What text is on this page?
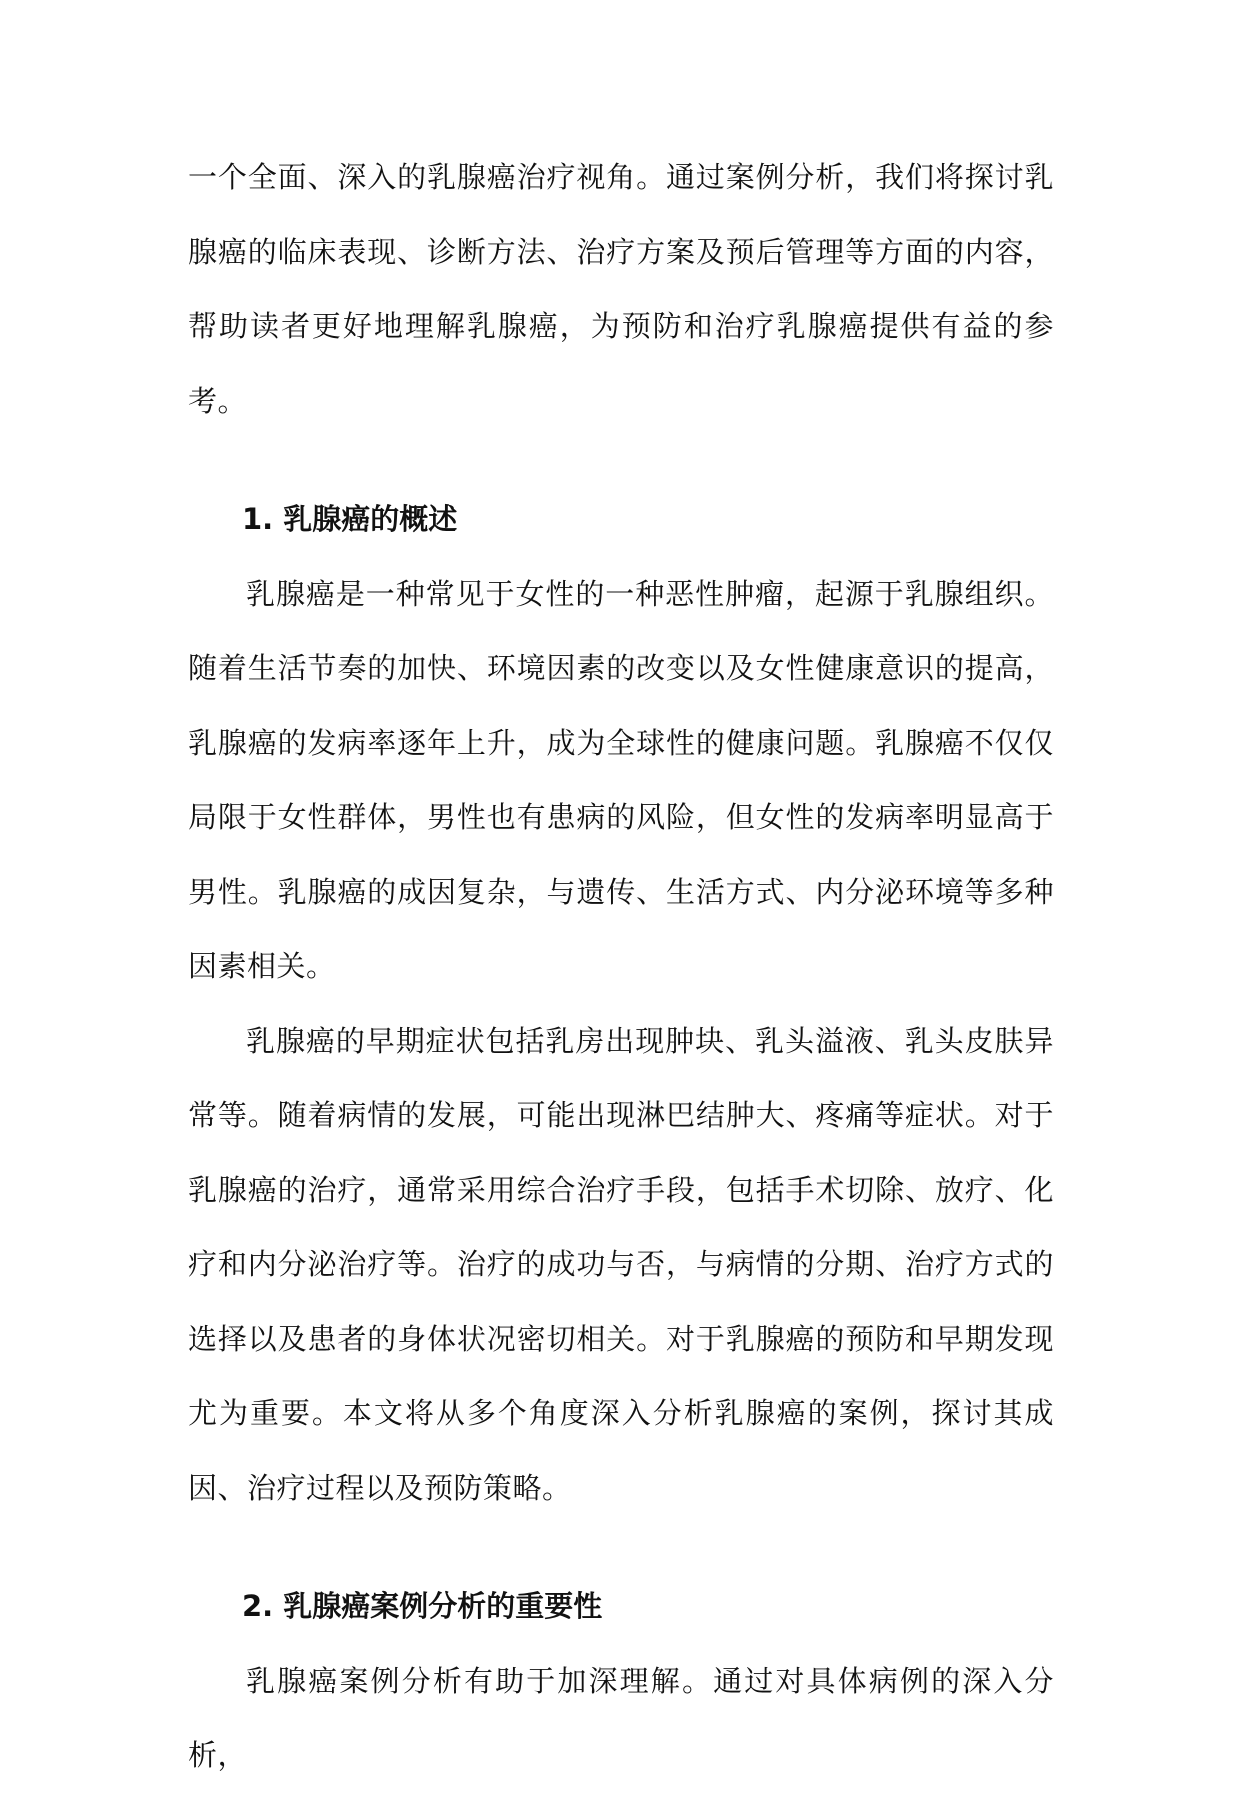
一个全面、深入的乳腺癌治疗视角。通过案例分析，我们将探讨乳腺癌的临床表现、诊断方法、治疗方案及预后管理等方面的内容，帮助读者更好地理解乳腺癌，为预防和治疗乳腺癌提供有益的参考。

1. 乳腺癌的概述

乳腺癌是一种常见于女性的一种恶性肿瘤，起源于乳腺组织。随着生活节奏的加快、环境因素的改变以及女性健康意识的提高，乳腺癌的发病率逐年上升，成为全球性的健康问题。乳腺癌不仅仅局限于女性群体，男性也有患病的风险，但女性的发病率明显高于男性。乳腺癌的成因复杂，与遗传、生活方式、内分泌环境等多种因素相关。

乳腺癌的早期症状包括乳房出现肿块、乳头溢液、乳头皮肤异常等。随着病情的发展，可能出现淋巴结肿大、疼痛等症状。对于乳腺癌的治疗，通常采用综合治疗手段，包括手术切除、放疗、化疗和内分泌治疗等。治疗的成功与否，与病情的分期、治疗方式的选择以及患者的身体状况密切相关。对于乳腺癌的预防和早期发现尤为重要。本文将从多个角度深入分析乳腺癌的案例，探讨其成因、治疗过程以及预防策略。

2. 乳腺癌案例分析的重要性

乳腺癌案例分析有助于加深理解。通过对具体病例的深入分析，
